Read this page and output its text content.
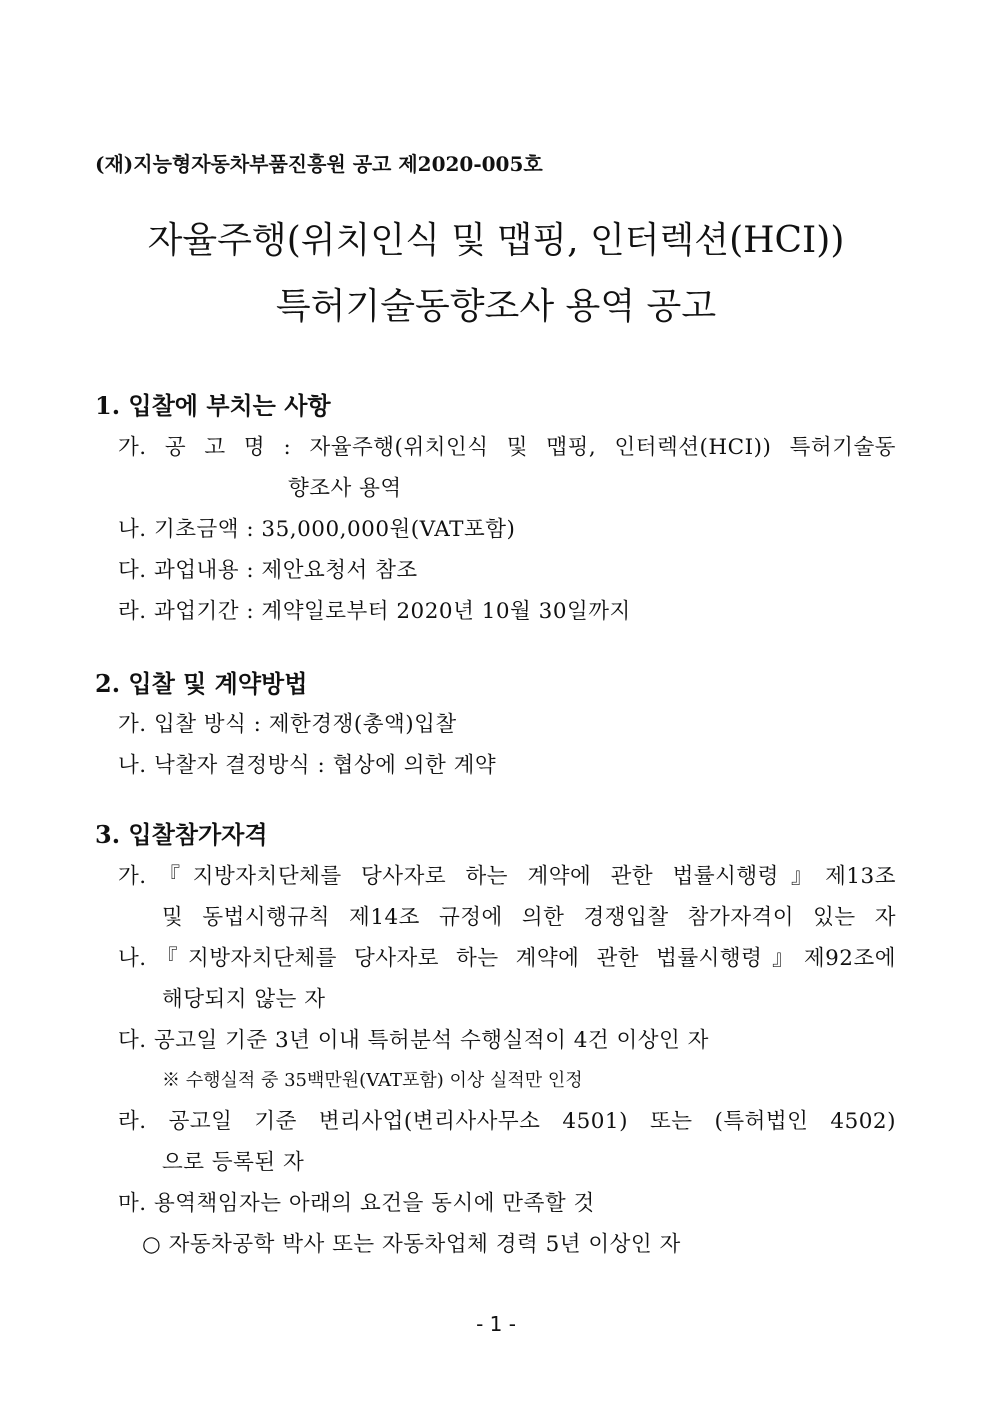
(재)지능형자동차부품진흥원 공고 제2020-005호
자율주행(위치인식 및 맵핑, 인터렉션(HCI))
특허기술동향조사 용역 공고
1. 입찰에 부치는 사항
가. 공 고 명 : 자율주행(위치인식 및 맵핑, 인터렉션(HCI)) 특허기술동
향조사 용역
나. 기초금액 : 35,000,000원(VAT포함)
다. 과업내용 : 제안요청서 참조
라. 과업기간 : 계약일로부터 2020년 10월 30일까지
2. 입찰 및 계약방법
가. 입찰 방식 : 제한경쟁(총액)입찰
나. 낙찰자 결정방식 : 협상에 의한 계약
3. 입찰참가자격
가.『지방자치단체를 당사자로 하는 계약에 관한 법률시행령』제13조
및 동법시행규칙 제14조 규정에 의한 경쟁입찰 참가자격이 있는 자
나.『지방자치단체를 당사자로 하는 계약에 관한 법률시행령』제92조에
해당되지 않는 자
다. 공고일 기준 3년 이내 특허분석 수행실적이 4건 이상인 자
※ 수행실적 중 35백만원(VAT포함) 이상 실적만 인정
라. 공고일 기준 변리사업(변리사사무소 4501) 또는 (특허법인 4502)
으로 등록된 자
마. 용역책임자는 아래의 요건을 동시에 만족할 것
○ 자동차공학 박사 또는 자동차업체 경력 5년 이상인 자
- 1 -
